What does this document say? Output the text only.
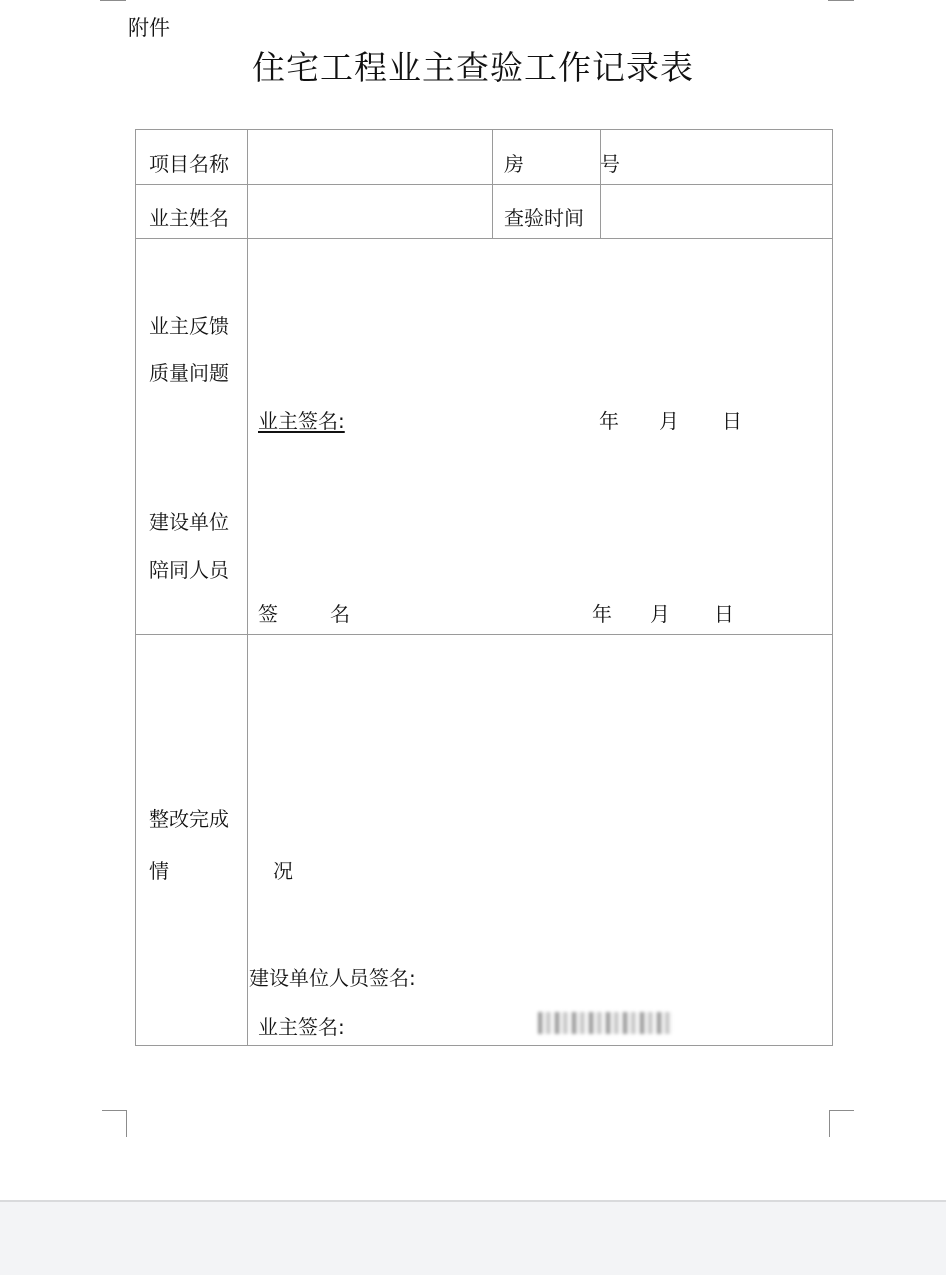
附件
住宅工程业主查验工作记录表
项目名称	房　号
业主姓名	查验时间
业主反馈
质量问题
业主签名:	年 月 日
建设单位
陪同人员
签　名	年 月 日
整改完成
情　况
建设单位人员签名:
业主签名:
